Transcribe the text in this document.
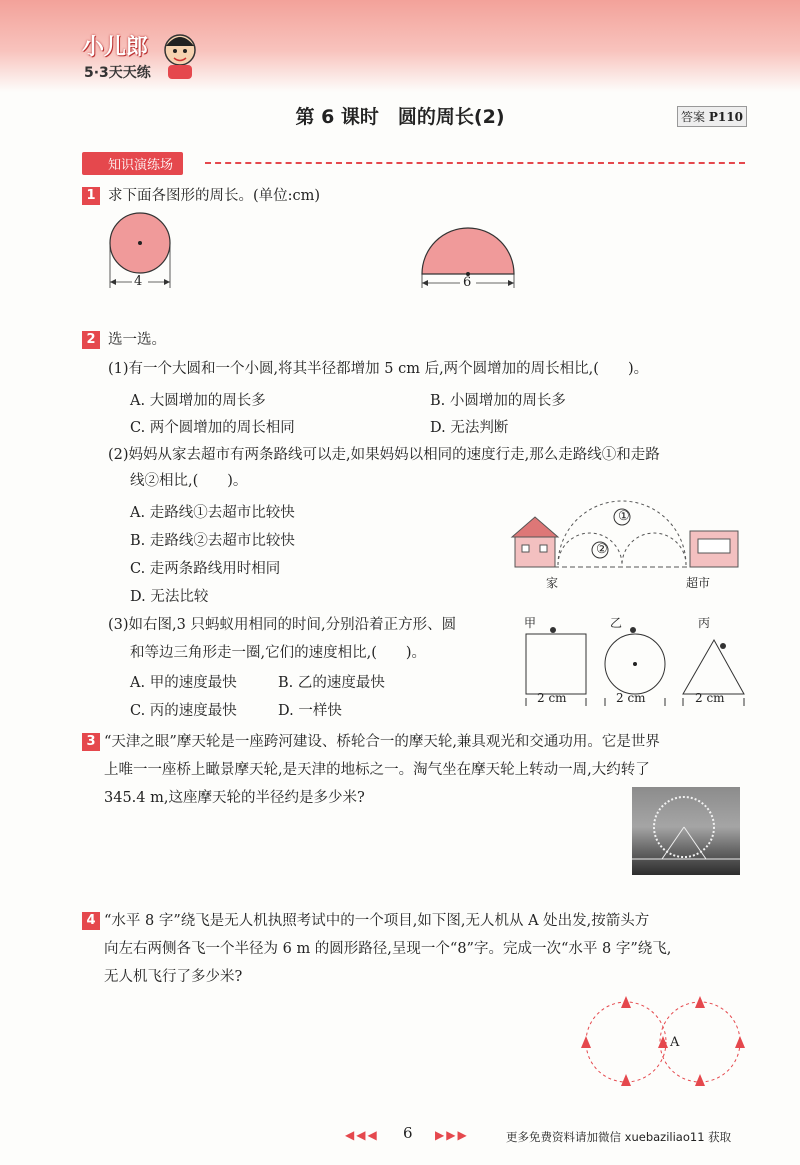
小儿郎
5·3天天练
第 6 课时　圆的周长(2)	答案 P110
知识演练场
1 求下面各图形的周长。(单位:cm)
4	6
2 选一选。
(1)有一个大圆和一个小圆,将其半径都增加 5 cm 后,两个圆增加的周长相比,(　　)。
A. 大圆增加的周长多	B. 小圆增加的周长多
C. 两个圆增加的周长相同	D. 无法判断
(2)妈妈从家去超市有两条路线可以走,如果妈妈以相同的速度行走,那么走路线①和走路
线②相比,(　　)。
A. 走路线①去超市比较快
B. 走路线②去超市比较快
C. 走两条路线用时相同
D. 无法比较
①
②
家	超市
(3)如右图,3 只蚂蚁用相同的时间,分别沿着正方形、圆
和等边三角形走一圈,它们的速度相比,(　　)。
A. 甲的速度最快	B. 乙的速度最快
C. 丙的速度最快	D. 一样快
甲	乙	丙
2 cm	2 cm	2 cm
3 “天津之眼”摩天轮是一座跨河建设、桥轮合一的摩天轮,兼具观光和交通功用。它是世界
上唯一一座桥上瞰景摩天轮,是天津的地标之一。淘气坐在摩天轮上转动一周,大约转了
345.4 m,这座摩天轮的半径约是多少米?
4 “水平 8 字”绕飞是无人机执照考试中的一个项目,如下图,无人机从 A 处出发,按箭头方
向左右两侧各飞一个半径为 6 m 的圆形路径,呈现一个“8”字。完成一次“水平 8 字”绕飞,
无人机飞行了多少米?
A
◀◀◀ 6 ▶▶▶	更多免费资料请加微信 xuebaziliao11 获取
